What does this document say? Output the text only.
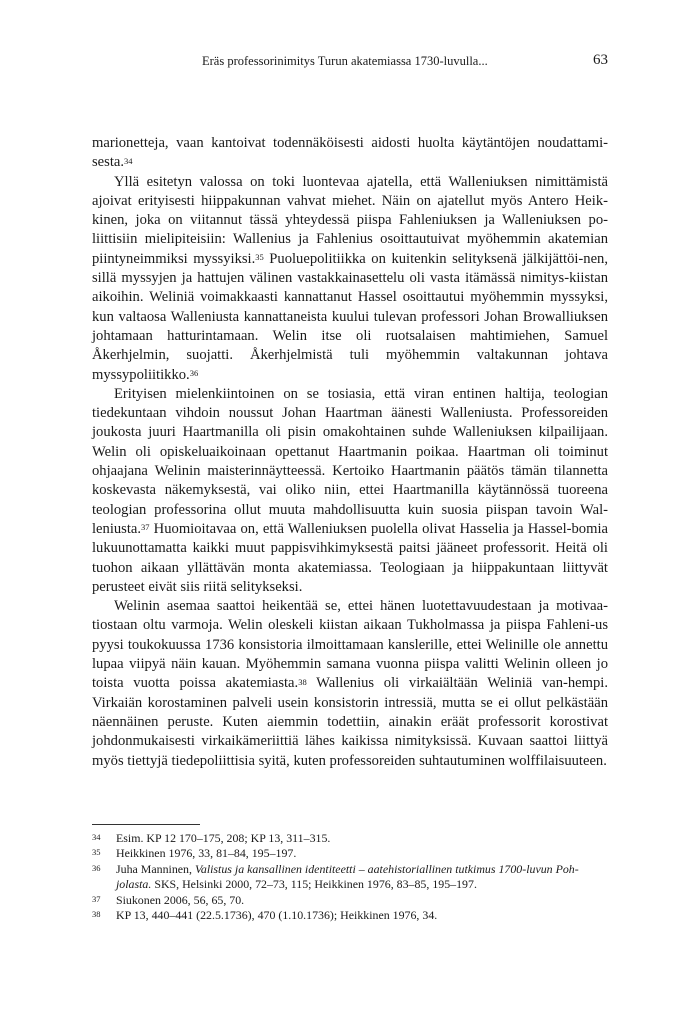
Eräs professorinimitys Turun akatemiassa 1730-luvulla...	63

marionetteja, vaan kantoivat todennäköisesti aidosti huolta käytäntöjen noudattami-sesta.$^{34}$

Yllä esitetyn valossa on toki luontevaa ajatella, että Walleniuksen nimittämistä ajoivat erityisesti hiippakunnan vahvat miehet. Näin on ajatellut myös Antero Heik-kinen, joka on viitannut tässä yhteydessä piispa Fahleniuksen ja Walleniuksen po-liittisiin mielipiteisiin: Wallenius ja Fahlenius osoittautuivat myöhemmin akatemian piintyneimmiksi myssyiksi.$^{35}$ Puoluepolitiikka on kuitenkin selityksenä jälkijättöi-nen, sillä myssyjen ja hattujen välinen vastakkainasettelu oli vasta itämässä nimitys-kiistan aikoihin. Weliniä voimakkaasti kannattanut Hassel osoittautui myöhemmin myssyksi, kun valtaosa Walleniusta kannattaneista kuului tulevan professori Johan Browalliuksen johtamaan hatturintamaan. Welin itse oli ruotsalaisen mahtimiehen, Samuel Åkerhjelmin, suojatti. Åkerhjelmistä tuli myöhemmin valtakunnan johtava myssypoliitikko.$^{36}$

Erityisen mielenkiintoinen on se tosiasia, että viran entinen haltija, teologian tiedekuntaan vihdoin noussut Johan Haartman äänesti Walleniusta. Professoreiden joukosta juuri Haartmanilla oli pisin omakohtainen suhde Walleniuksen kilpailijaan. Welin oli opiskeluaikoinaan opettanut Haartmanin poikaa. Haartman oli toiminut ohjaajana Welinin maisterinnäytteessä. Kertoiko Haartmanin päätös tämän tilannetta koskevasta näkemyksestä, vai oliko niin, ettei Haartmanilla käytännössä tuoreena teologian professorina ollut muuta mahdollisuutta kuin suosia piispan tavoin Wal-leniusta.$^{37}$ Huomioitavaa on, että Walleniuksen puolella olivat Hasselia ja Hassel-bomia lukuunottamatta kaikki muut pappisvihkimyksestä paitsi jääneet professorit. Heitä oli tuohon aikaan yllättävän monta akatemiassa. Teologiaan ja hiippakuntaan liittyvät perusteet eivät siis riitä selitykseksi.

Welinin asemaa saattoi heikentää se, ettei hänen luotettavuudestaan ja motivaa-tiostaan oltu varmoja. Welin oleskeli kiistan aikaan Tukholmassa ja piispa Fahleni-us pyysi toukokuussa 1736 konsistoria ilmoittamaan kanslerille, ettei Welinille ole annettu lupaa viipyä näin kauan. Myöhemmin samana vuonna piispa valitti Welinin olleen jo toista vuotta poissa akatemiasta.$^{38}$ Wallenius oli virkaiältään Weliniä van-hempi. Virkaiän korostaminen palveli usein konsistorin intressiä, mutta se ei ollut pelkästään näennäinen peruste. Kuten aiemmin todettiin, ainakin eräät professorit korostivat johdonmukaisesti virkaikämeriittiä lähes kaikissa nimityksissä. Kuvaan saattoi liittyä myös tiettyjä tiedepoliittisia syitä, kuten professoreiden suhtautuminen wolffilaisuuteen.

34	Esim. KP 12 170–175, 208; KP 13, 311–315.
35	Heikkinen 1976, 33, 81–84, 195–197.
36	Juha Manninen, Valistus ja kansallinen identiteetti – aatehistoriallinen tutkimus 1700-luvun Poh-jolasta. SKS, Helsinki 2000, 72–73, 115; Heikkinen 1976, 83–85, 195–197.
37	Siukonen 2006, 56, 65, 70.
38	KP 13, 440–441 (22.5.1736), 470 (1.10.1736); Heikkinen 1976, 34.
